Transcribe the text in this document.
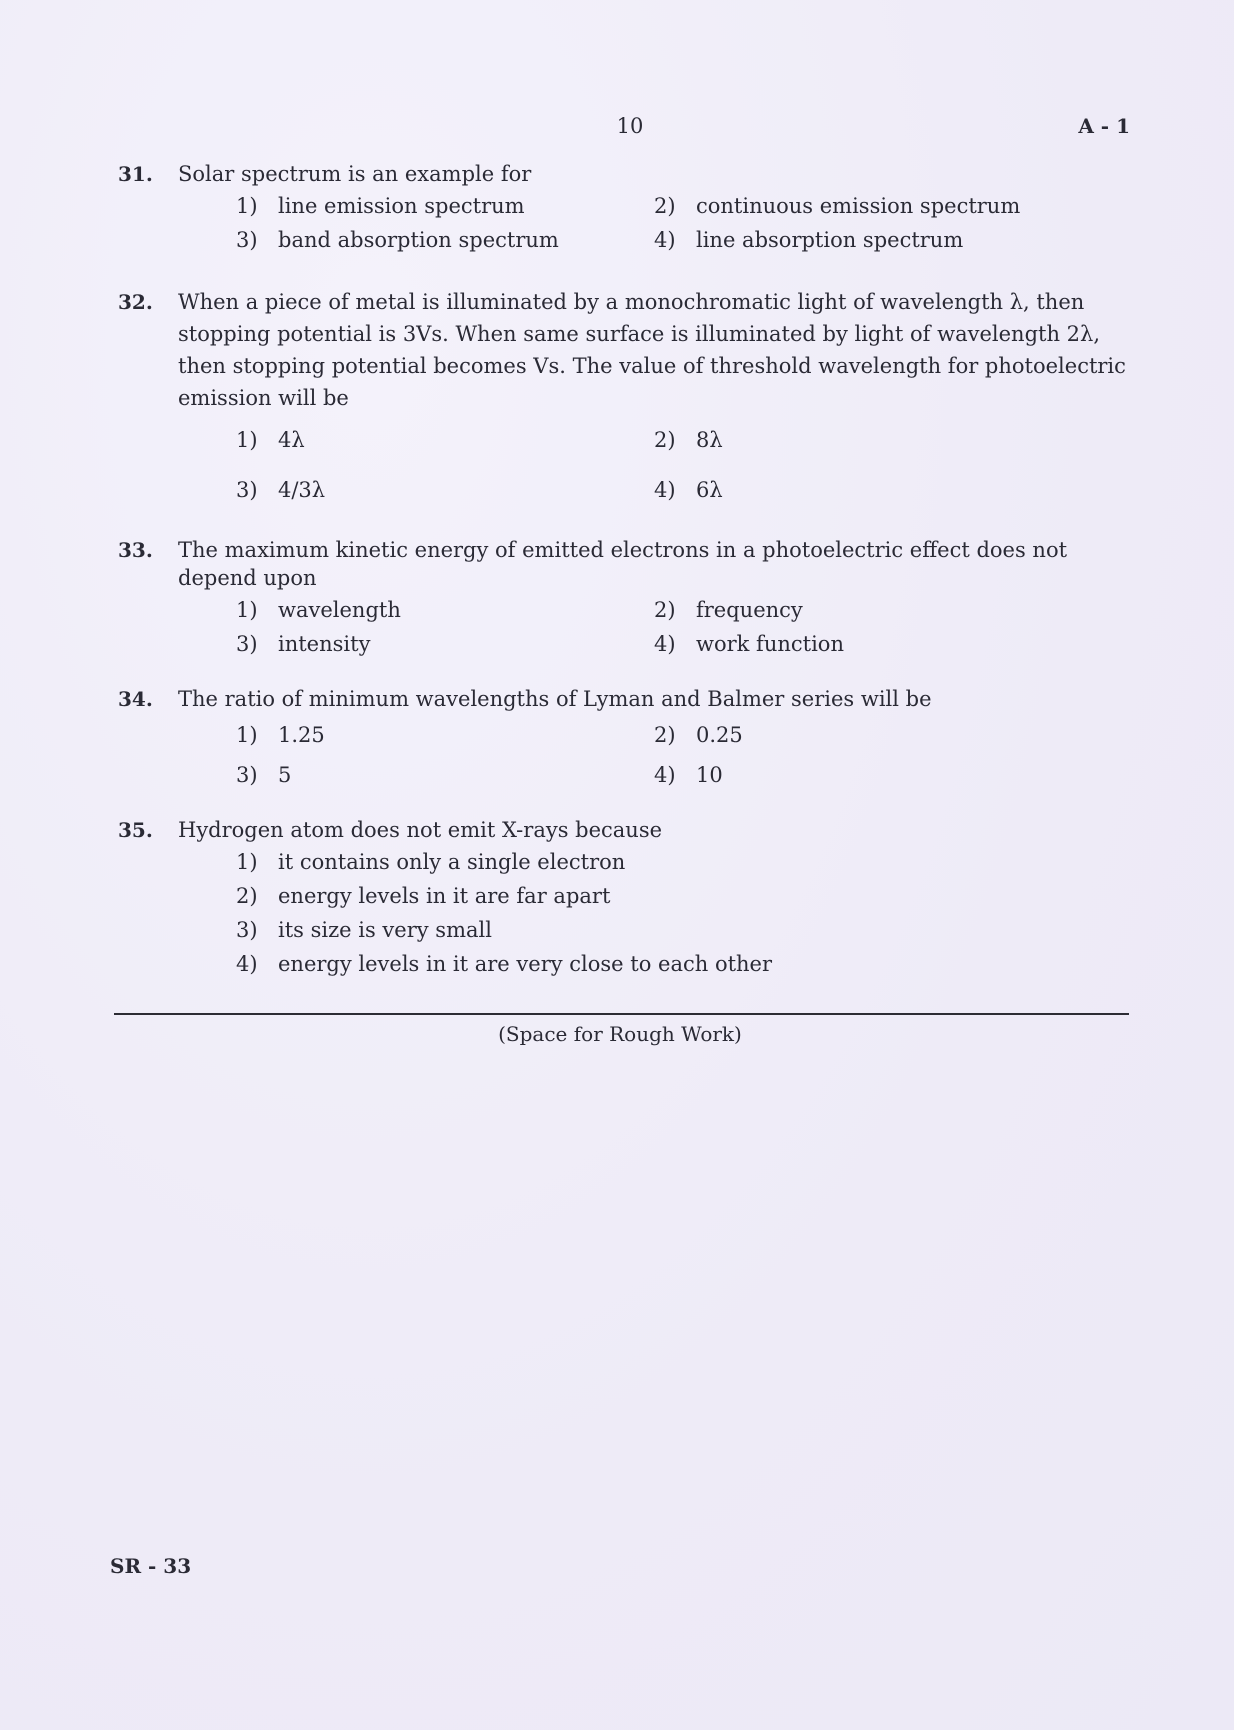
10	A - 1
31. Solar spectrum is an example for
1) line emission spectrum	2) continuous emission spectrum
3) band absorption spectrum	4) line absorption spectrum
32. When a piece of metal is illuminated by a monochromatic light of wavelength λ, then stopping potential is 3Vs. When same surface is illuminated by light of wavelength 2λ, then stopping potential becomes Vs. The value of threshold wavelength for photoelectric emission will be
1) 4λ	2) 8λ
3) 4/3λ	4) 6λ
33. The maximum kinetic energy of emitted electrons in a photoelectric effect does not depend upon
1) wavelength	2) frequency
3) intensity	4) work function
34. The ratio of minimum wavelengths of Lyman and Balmer series will be
1) 1.25	2) 0.25
3) 5	4) 10
35. Hydrogen atom does not emit X-rays because
1) it contains only a single electron
2) energy levels in it are far apart
3) its size is very small
4) energy levels in it are very close to each other
(Space for Rough Work)
SR - 33
